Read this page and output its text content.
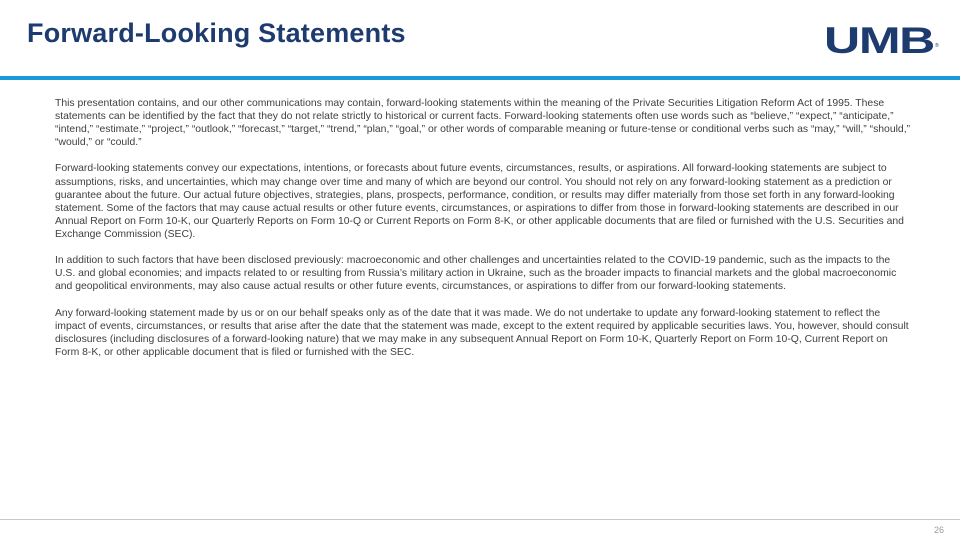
Forward-Looking Statements	UMB ®

This presentation contains, and our other communications may contain, forward-looking statements within the meaning of the Private Securities Litigation Reform Act of 1995. These statements can be identified by the fact that they do not relate strictly to historical or current facts. Forward-looking statements often use words such as “believe,” “expect,” “anticipate,” “intend,” “estimate,” “project,” “outlook,” “forecast,” “target,” “trend,” “plan,” “goal,” or other words of comparable meaning or future-tense or conditional verbs such as “may,” “will,” “should,” “would,” or “could.”

Forward-looking statements convey our expectations, intentions, or forecasts about future events, circumstances, results, or aspirations. All forward-looking statements are subject to assumptions, risks, and uncertainties, which may change over time and many of which are beyond our control. You should not rely on any forward-looking statement as a prediction or guarantee about the future. Our actual future objectives, strategies, plans, prospects, performance, condition, or results may differ materially from those set forth in any forward-looking statement. Some of the factors that may cause actual results or other future events, circumstances, or aspirations to differ from those in forward-looking statements are described in our Annual Report on Form 10-K, our Quarterly Reports on Form 10-Q or Current Reports on Form 8-K, or other applicable documents that are filed or furnished with the U.S. Securities and Exchange Commission (SEC).

In addition to such factors that have been disclosed previously: macroeconomic and other challenges and uncertainties related to the COVID-19 pandemic, such as the impacts to the U.S. and global economies; and impacts related to or resulting from Russia’s military action in Ukraine, such as the broader impacts to financial markets and the global macroeconomic and geopolitical environments, may also cause actual results or other future events, circumstances, or aspirations to differ from our forward-looking statements.

Any forward-looking statement made by us or on our behalf speaks only as of the date that it was made. We do not undertake to update any forward-looking statement to reflect the impact of events, circumstances, or results that arise after the date that the statement was made, except to the extent required by applicable securities laws. You, however, should consult disclosures (including disclosures of a forward-looking nature) that we may make in any subsequent Annual Report on Form 10-K, Quarterly Report on Form 10-Q, Current Report on Form 8-K, or other applicable document that is filed or furnished with the SEC.

26
